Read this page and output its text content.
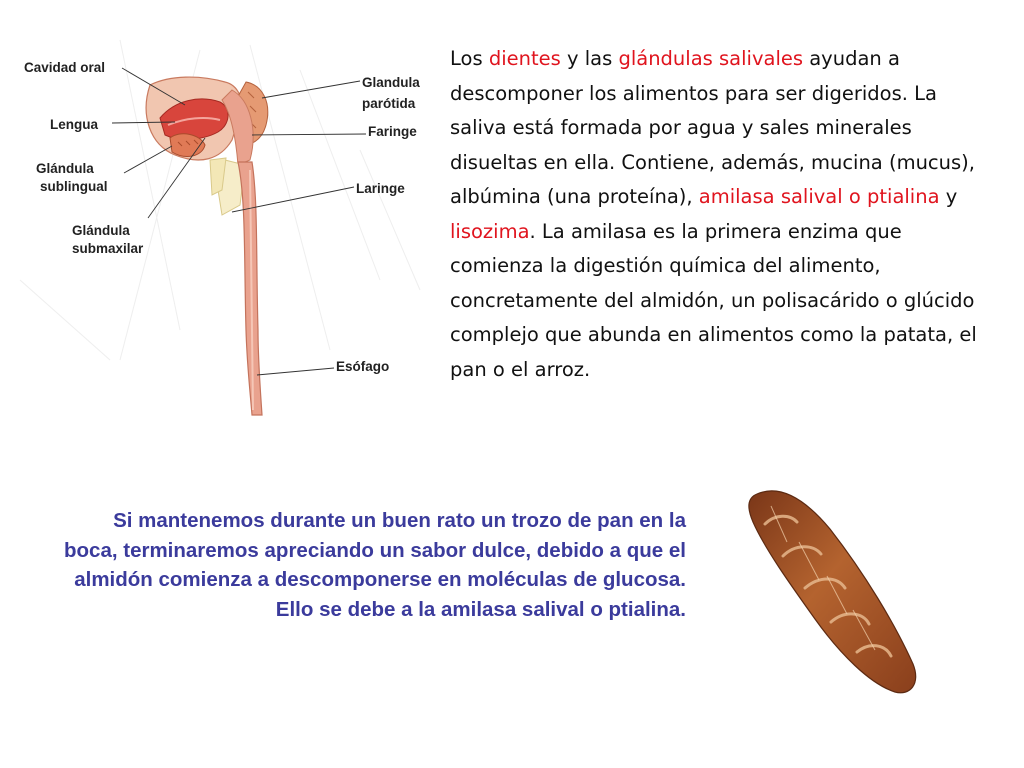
Cavidad oral
Lengua
Glándula
sublingual
Glándula
submaxilar
Glandula
parótida
Faringe
Laringe
Esófago

Los dientes y las glándulas salivales ayudan a descomponer los alimentos para ser digeridos. La saliva está formada por agua y sales minerales disueltas en ella. Contiene, además, mucina (mucus), albúmina (una proteína), amilasa salival o ptialina y lisozima. La amilasa es la primera enzima que comienza la digestión química del alimento, concretamente del almidón, un polisacárido o glúcido complejo que abunda en alimentos como la patata, el pan o el arroz.

Si mantenemos durante un buen rato un trozo de pan en la boca, terminaremos apreciando un sabor dulce, debido a que el almidón comienza a descomponerse en moléculas de glucosa. Ello se debe a la amilasa salival o ptialina.
